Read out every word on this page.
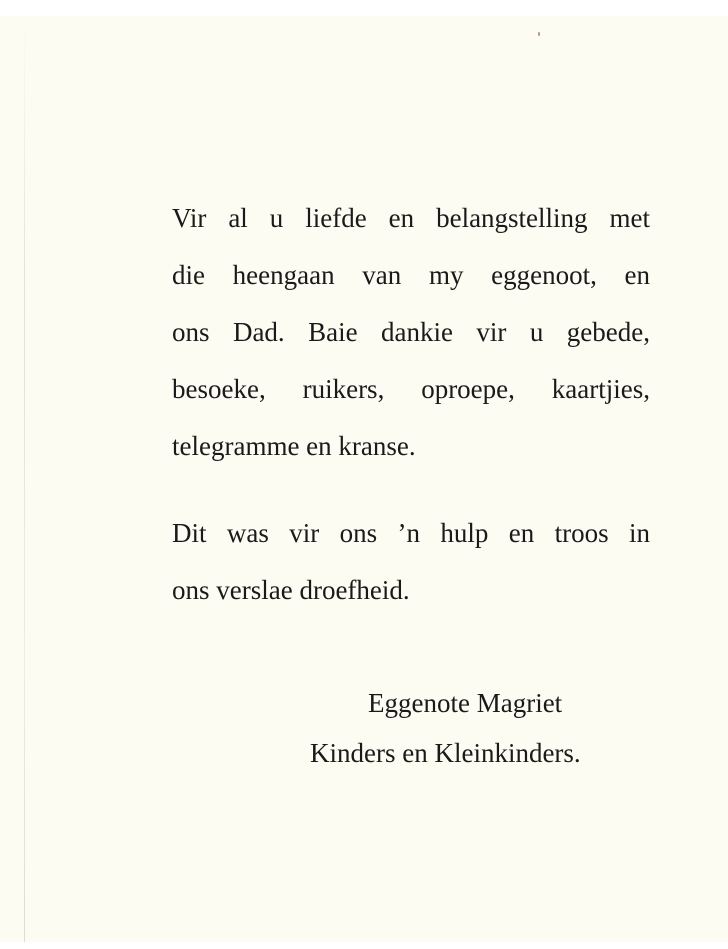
Vir al u liefde en belangstelling met
die heengaan van my eggenoot, en
ons Dad. Baie dankie vir u gebede,
besoeke, ruikers, oproepe, kaartjies,
telegramme en kranse.
Dit was vir ons ’n hulp en troos in
ons verslae droefheid.
Eggenote Magriet
Kinders en Kleinkinders.
